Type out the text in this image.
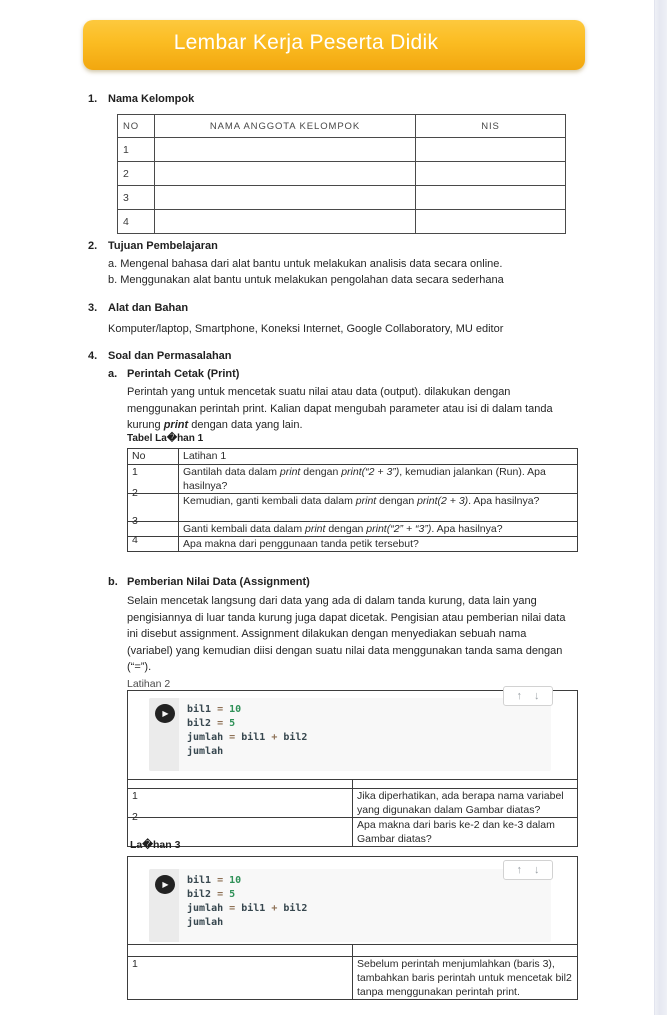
Lembar Kerja Peserta Didik
1. Nama Kelompok
NO	NAMA ANGGOTA KELOMPOK	NIS
1		
2		
3		
4		
2. Tujuan Pembelajaran
a. Mengenal bahasa dari alat bantu untuk melakukan analisis data secara online.
b. Menggunakan alat bantu untuk melakukan pengolahan data secara sederhana
3. Alat dan Bahan
Komputer/laptop, Smartphone, Koneksi Internet, Google Collaboratory, MU editor
4. Soal dan Permasalahan
a. Perintah Cetak (Print)
Perintah yang untuk mencetak suatu nilai atau data (output). dilakukan dengan menggunakan perintah print. Kalian dapat mengubah parameter atau isi di dalam tanda kurung print dengan data yang lain.
Tabel La�han 1
No	Latihan 1
1	Gantilah data dalam print dengan print(“2 + 3”), kemudian jalankan (Run). Apa hasilnya?
2	Kemudian, ganti kembali data dalam print dengan print(2 + 3). Apa hasilnya?
3	Ganti kembali data dalam print dengan print(“2” + “3”). Apa hasilnya?
4	Apa makna dari penggunaan tanda petik tersebut?
b. Pemberian Nilai Data (Assignment)
Selain mencetak langsung dari data yang ada di dalam tanda kurung, data lain yang pengisiannya di luar tanda kurung juga dapat dicetak. Pengisian atau pemberian nilai data ini disebut assignment. Assignment dilakukan dengan menyediakan sebuah nama (variabel) yang kemudian diisi dengan suatu nilai data menggunakan tanda sama dengan (“=”).
Latihan 2
↑ ↓
▶ bil1 = 10
bil2 = 5
jumlah = bil1 + bil2
jumlah

1	Jika diperhatikan, ada berapa nama variabel yang digunakan dalam Gambar diatas?
2	Apa makna dari baris ke-2 dan ke-3 dalam Gambar diatas?
La�han 3
↑ ↓
▶ bil1 = 10
bil2 = 5
jumlah = bil1 + bil2
jumlah

1	Sebelum perintah menjumlahkan (baris 3), tambahkan baris perintah untuk mencetak bil2 tanpa menggunakan perintah print.
